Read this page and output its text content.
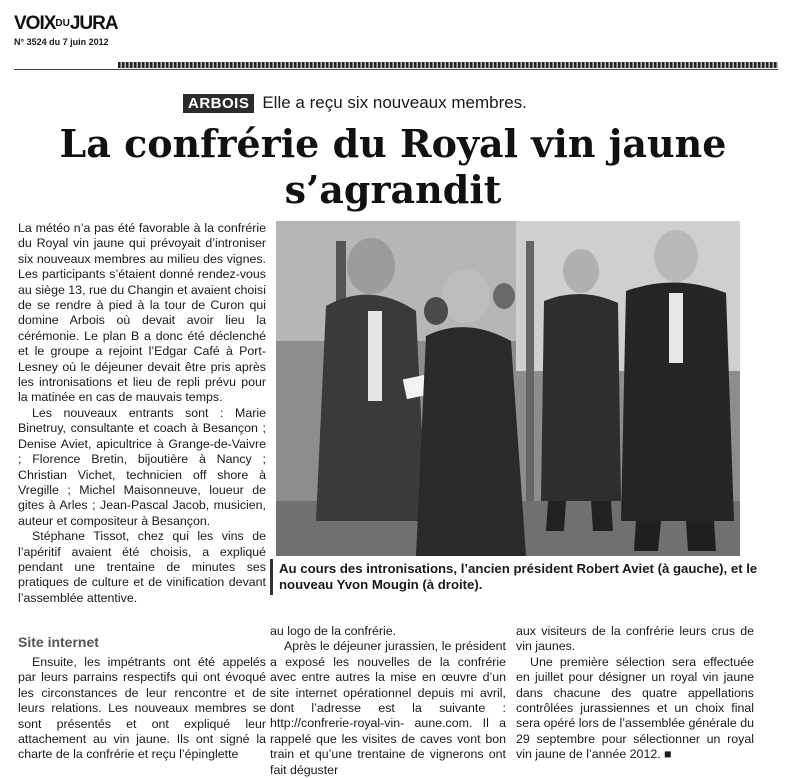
$VOIX^{DU}JURA$
N° 3524 du 7 juin 2012
ARBOIS Elle a reçu six nouveaux membres.
La confrérie du Royal vin jaune
s’agrandit

La météo n’a pas été favorable à la confrérie du Royal vin jaune qui prévoyait d’introniser six nouveaux membres au milieu des vignes. Les participants s’étaient donné rendez-vous au siège 13, rue du Changin et avaient choisi de se rendre à pied à la tour de Curon qui domine Arbois où devait avoir lieu la cérémonie. Le plan B a donc été déclenché et le groupe a rejoint l’Edgar Café à Port-Lesney où le déjeuner devait être pris après les intronisations et lieu de repli prévu pour la matinée en cas de mauvais temps.

Les nouveaux entrants sont : Marie Binetruy, consultante et coach à Besançon ; Denise Aviet, apicultrice à Grange-de-Vaivre ; Florence Bretin, bijoutière à Nancy ; Christian Vichet, technicien off shore à Vregille ; Michel Maisonneuve, loueur de gites à Arles ; Jean-Pascal Jacob, musicien, auteur et compositeur à Besançon.

Stéphane Tissot, chez qui les vins de l’apéritif avaient été choisis, a expliqué pendant une trentaine de minutes ses pratiques de culture et de vinification devant l’assemblée attentive.

Site internet

Ensuite, les impétrants ont été appelés par leurs parrains respectifs qui ont évoqué les circonstances de leur rencontre et de leurs relations. Les nouveaux membres se sont présentés et ont expliqué leur attachement au vin jaune. Ils ont signé la charte de la confrérie et reçu l’épinglette

Au cours des intronisations, l’ancien président Robert Aviet (à gauche), et le nouveau Yvon Mougin (à droite).

au logo de la confrérie.

Après le déjeuner jurassien, le président a exposé les nouvelles de la confrérie avec entre autres la mise en œuvre d’un site internet opérationnel depuis mi avril, dont l’adresse est la suivante : http://confrerie-royal-vin- aune.com. Il a rappelé que les visites de caves vont bon train et qu’une trentaine de vignerons ont fait déguster

aux visiteurs de la confrérie leurs crus de vin jaunes.

Une première sélection sera effectuée en juillet pour désigner un royal vin jaune dans chacune des quatre appellations contrôlées jurassiennes et un choix final sera opéré lors de l’assemblée générale du 29 septembre pour sélectionner un royal vin jaune de l’année 2012. ■
